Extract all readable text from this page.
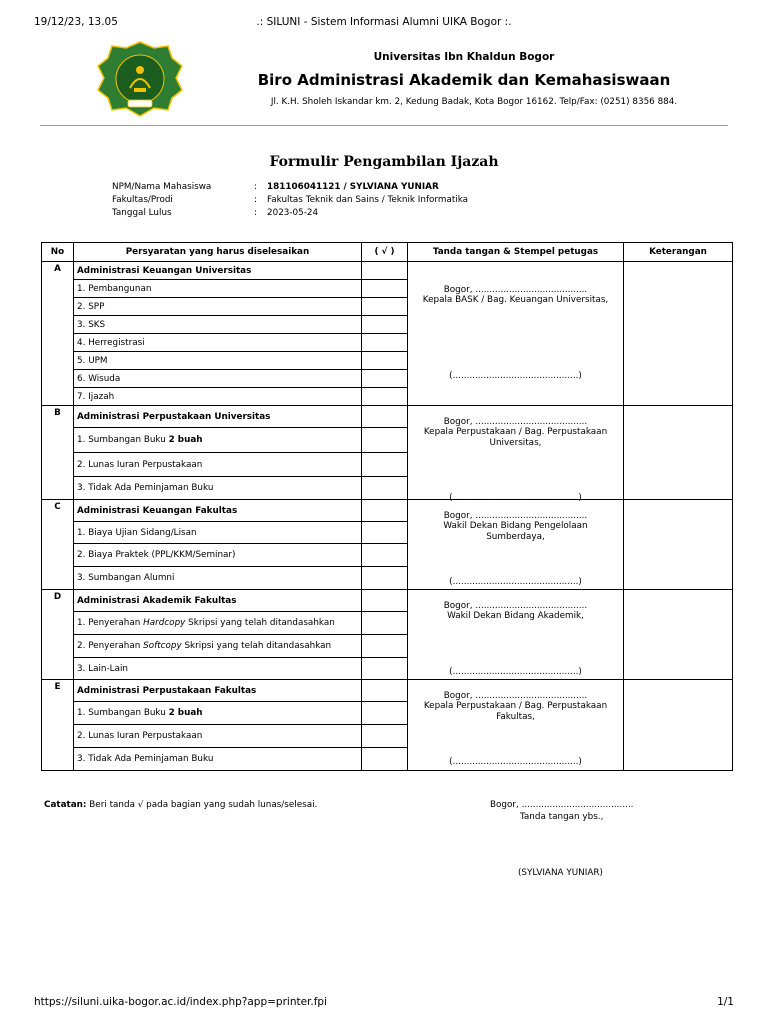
19/12/23, 13.05	.: SILUNI - Sistem Informasi Alumni UIKA Bogor :.
Universitas Ibn Khaldun Bogor
Biro Administrasi Akademik dan Kemahasiswaan
Jl. K.H. Sholeh Iskandar km. 2, Kedung Badak, Kota Bogor 16162. Telp/Fax: (0251) 8356 884.
Formulir Pengambilan Ijazah
NPM/Nama Mahasiswa	: 181106041121 / SYLVIANA YUNIAR
Fakultas/Prodi	: Fakultas Teknik dan Sains / Teknik Informatika
Tanggal Lulus	: 2023-05-24
No	Persyaratan yang harus diselesaikan	( √ )	Tanda tangan & Stempel petugas	Keterangan
A	Administrasi Keuangan Universitas		Bogor, ........................................
Kepala BASK / Bag. Keuangan Universitas,
(.............................................)	

	1. Pembangunan			
	2. SPP			
	3. SKS			
	4. Herregistrasi			
	5. UPM			
	6. Wisuda			
	7. Ijazah			
B	Administrasi Perpustakaan Universitas		Bogor, ........................................
Kepala Perpustakaan / Bag. Perpustakaan Universitas,
(.............................................)	

	1. Sumbangan Buku 2 buah			
	2. Lunas Iuran Perpustakaan			
	3. Tidak Ada Peminjaman Buku			
C	Administrasi Keuangan Fakultas		Bogor, ........................................
Wakil Dekan Bidang Pengelolaan Sumberdaya,
(.............................................)	

	1. Biaya Ujian Sidang/Lisan			
	2. Biaya Praktek (PPL/KKM/Seminar)			
	3. Sumbangan Alumni			
D	Administrasi Akademik Fakultas		Bogor, ........................................
Wakil Dekan Bidang Akademik,
(.............................................)	

	1. Penyerahan Hardcopy Skripsi yang telah ditandasahkan			
	2. Penyerahan Softcopy Skripsi yang telah ditandasahkan			
	3. Lain-Lain			
E	Administrasi Perpustakaan Fakultas		Bogor, ........................................
Kepala Perpustakaan / Bag. Perpustakaan Fakultas,
(.............................................)	

	1. Sumbangan Buku 2 buah			
	2. Lunas Iuran Perpustakaan			
	3. Tidak Ada Peminjaman Buku			
Catatan: Beri tanda √ pada bagian yang sudah lunas/selesai.	Bogor, ........................................
Tanda tangan ybs.,
(SYLVIANA YUNIAR)
https://siluni.uika-bogor.ac.id/index.php?app=printer.fpi	1/1
